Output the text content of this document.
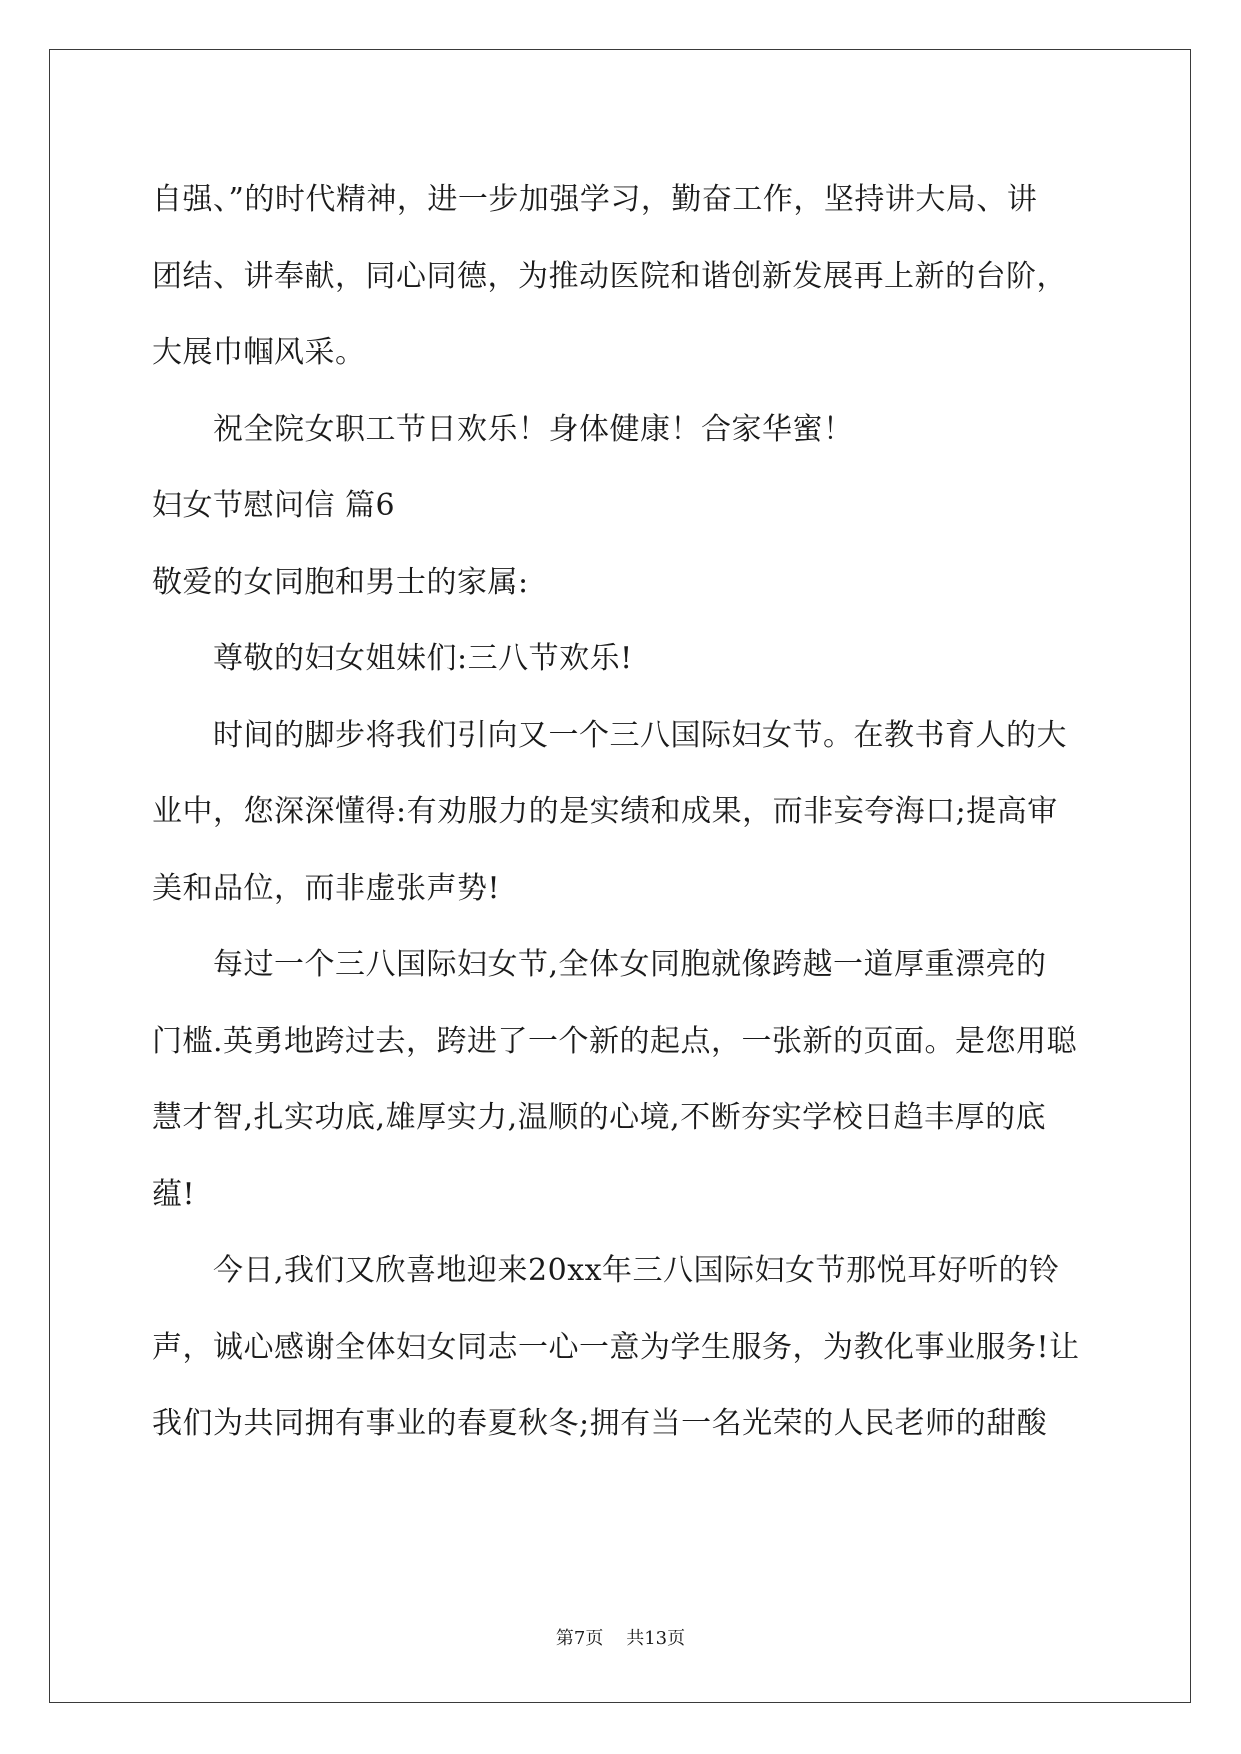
自强、”的时代精神，进一步加强学习，勤奋工作，坚持讲大局、讲
团结、讲奉献，同心同德，为推动医院和谐创新发展再上新的台阶，
大展巾帼风采。
祝全院女职工节日欢乐！身体健康！合家华蜜！
妇女节慰问信 篇6
敬爱的女同胞和男士的家属:
尊敬的妇女姐妹们:三八节欢乐!
时间的脚步将我们引向又一个三八国际妇女节。在教书育人的大
业中，您深深懂得:有劝服力的是实绩和成果，而非妄夸海口;提高审
美和品位，而非虚张声势!
每过一个三八国际妇女节,全体女同胞就像跨越一道厚重漂亮的
门槛.英勇地跨过去，跨进了一个新的起点，一张新的页面。是您用聪
慧才智,扎实功底,雄厚实力,温顺的心境,不断夯实学校日趋丰厚的底
蕴!
今日,我们又欣喜地迎来20xx年三八国际妇女节那悦耳好听的铃
声，诚心感谢全体妇女同志一心一意为学生服务，为教化事业服务!让
我们为共同拥有事业的春夏秋冬;拥有当一名光荣的人民老师的甜酸
第7页 共13页
